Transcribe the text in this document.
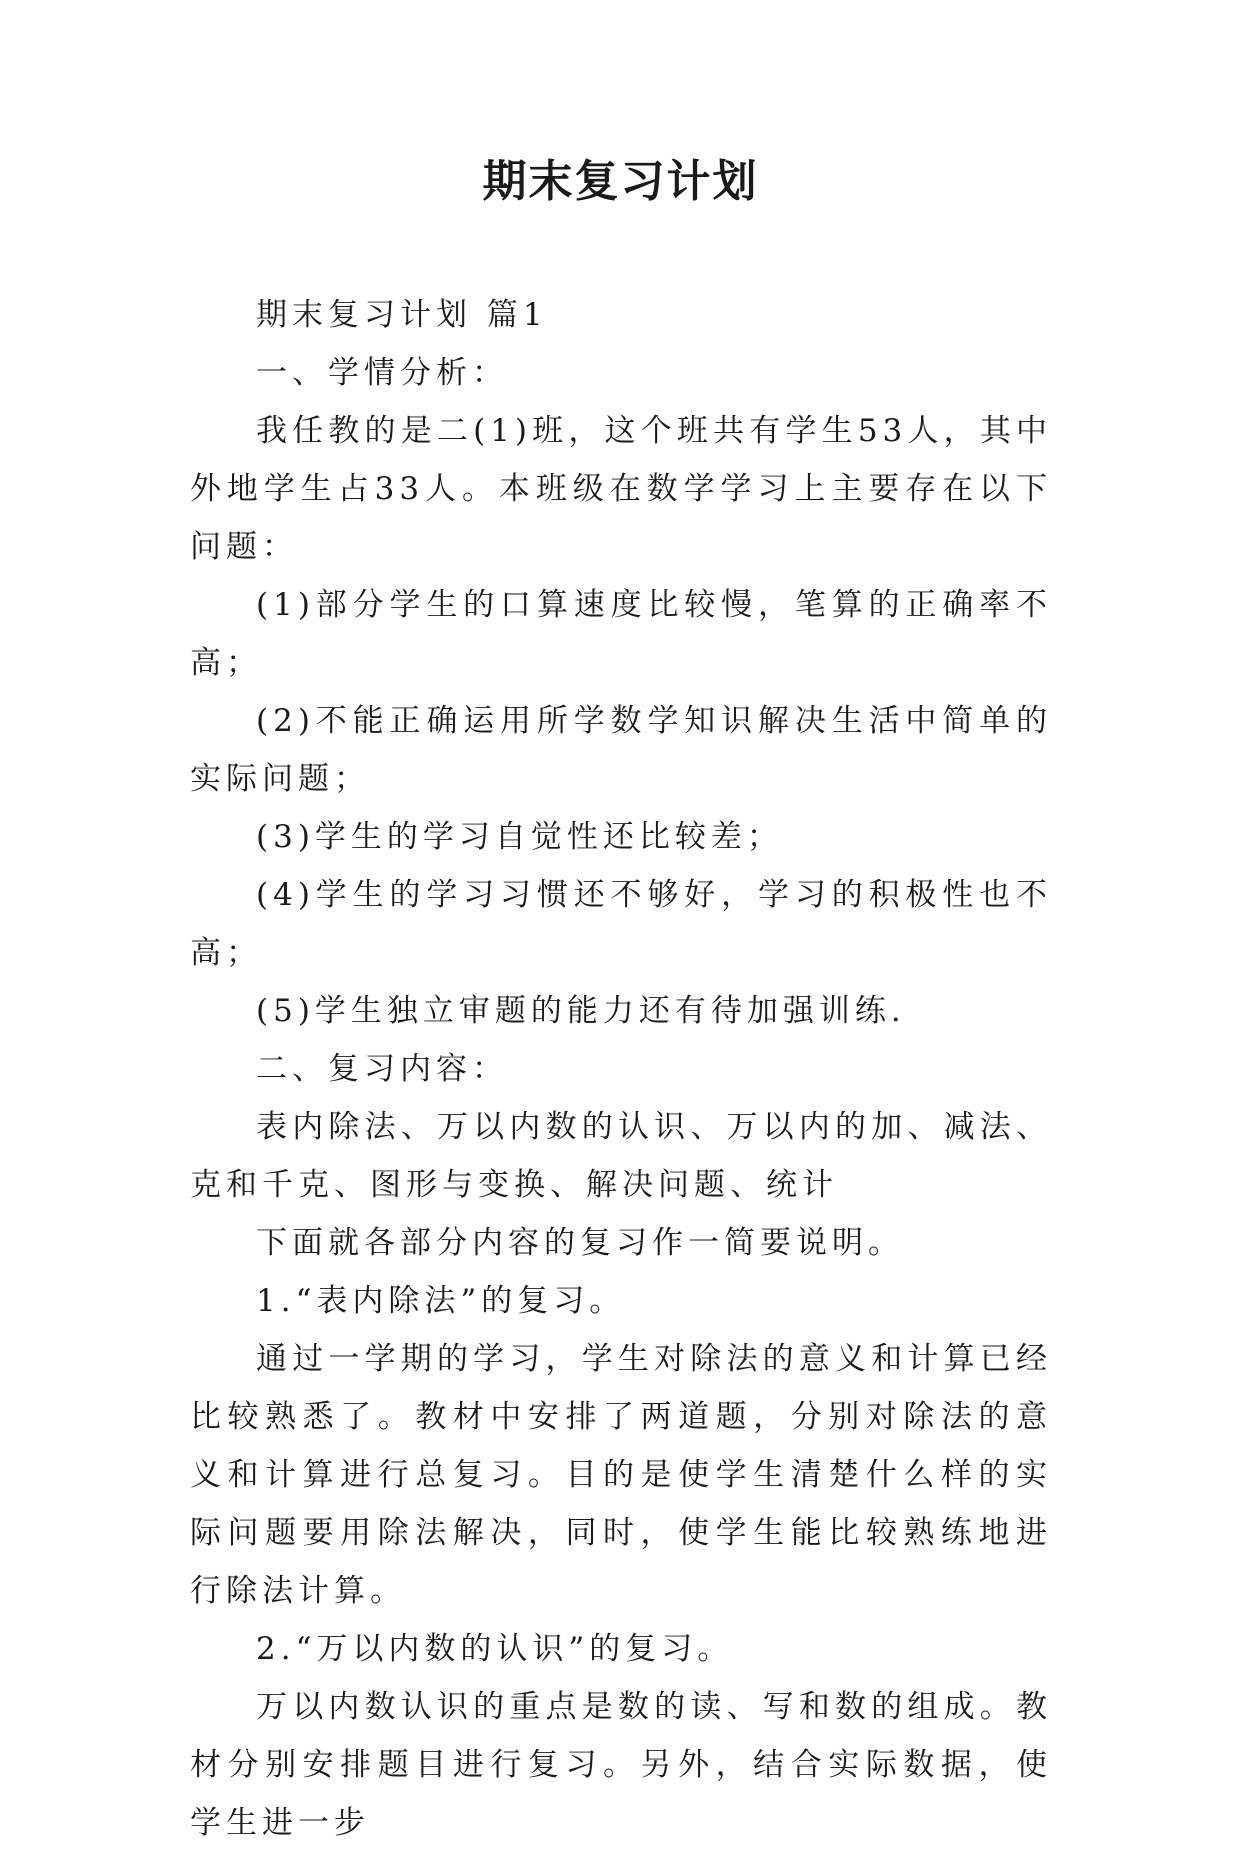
期末复习计划

期末复习计划 篇1

一、学情分析：

我任教的是二(1)班，这个班共有学生53人，其中外地学生占33人。本班级在数学学习上主要存在以下问题：

(1)部分学生的口算速度比较慢，笔算的正确率不高；

(2)不能正确运用所学数学知识解决生活中简单的实际问题；

(3)学生的学习自觉性还比较差；

(4)学生的学习习惯还不够好，学习的积极性也不高；

(5)学生独立审题的能力还有待加强训练.

二、复习内容：

表内除法、万以内数的认识、万以内的加、减法、克和千克、图形与变换、解决问题、统计

下面就各部分内容的复习作一简要说明。

1.“表内除法”的复习。

通过一学期的学习，学生对除法的意义和计算已经比较熟悉了。教材中安排了两道题，分别对除法的意义和计算进行总复习。目的是使学生清楚什么样的实际问题要用除法解决，同时，使学生能比较熟练地进行除法计算。

2.“万以内数的认识”的复习。

万以内数认识的重点是数的读、写和数的组成。教材分别安排题目进行复习。另外，结合实际数据，使学生进一步
